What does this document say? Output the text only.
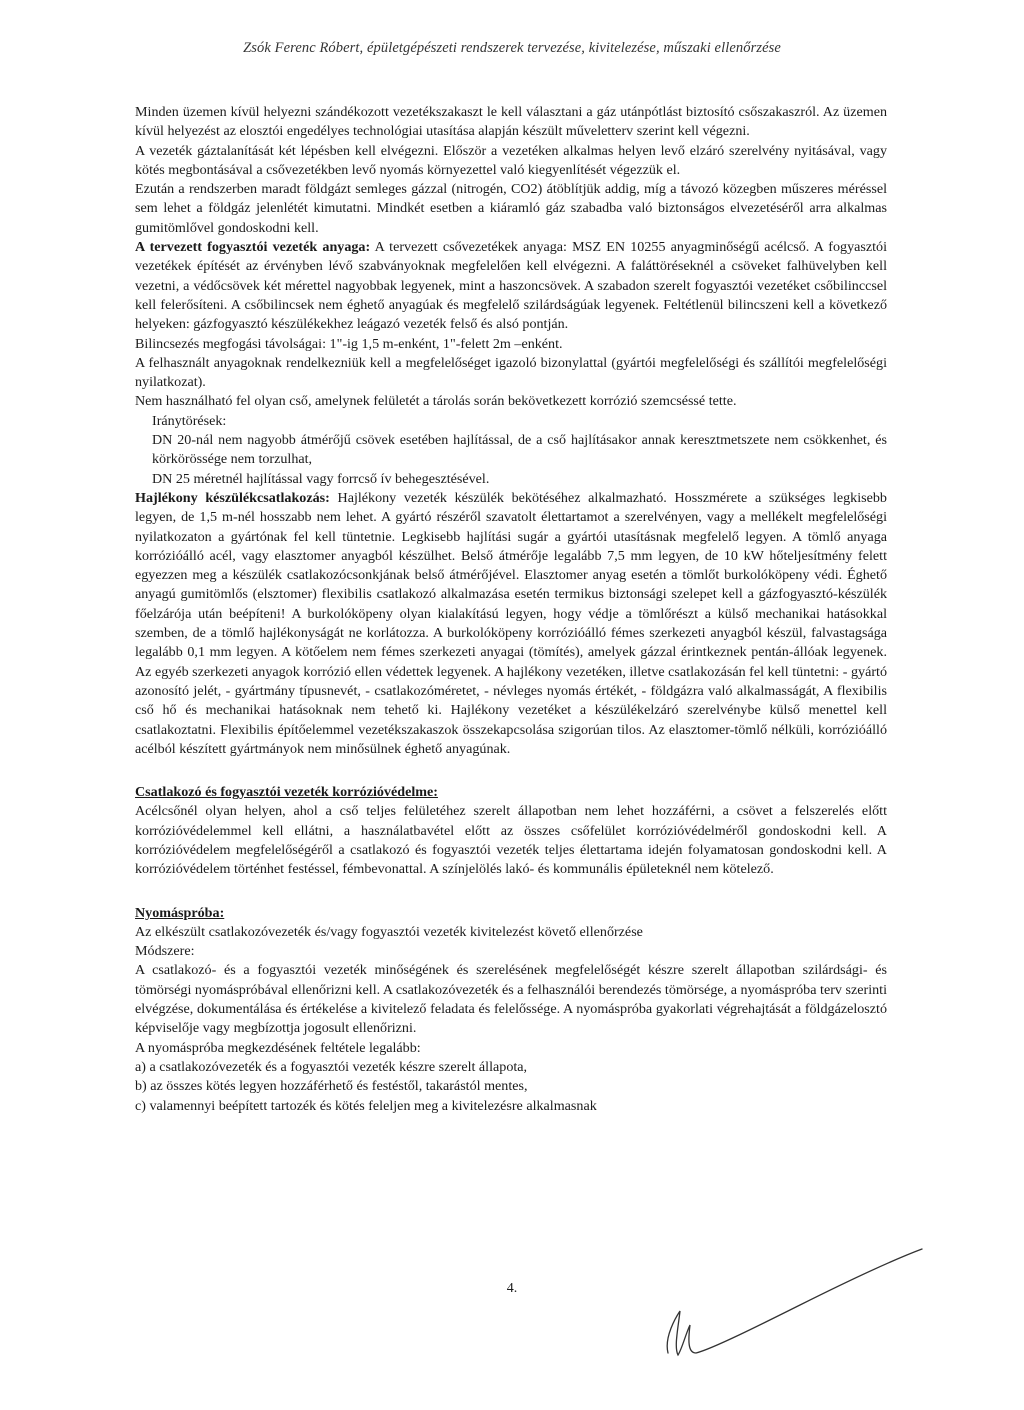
Zsók Ferenc Róbert, épületgépészeti rendszerek tervezése, kivitelezése, műszaki ellenőrzése

Minden üzemen kívül helyezni szándékozott vezetékszakaszt le kell választani a gáz utánpótlást biztosító csőszakaszról. Az üzemen kívül helyezést az elosztói engedélyes technológiai utasítása alapján készült műveletterv szerint kell végezni.

A vezeték gáztalanítását két lépésben kell elvégezni. Először a vezetéken alkalmas helyen levő elzáró szerelvény nyitásával, vagy kötés megbontásával a csővezetékben levő nyomás környezettel való kiegyenlítését végezzük el.

Ezután a rendszerben maradt földgázt semleges gázzal (nitrogén, CO2) átöblítjük addig, míg a távozó közegben műszeres méréssel sem lehet a földgáz jelenlétét kimutatni. Mindkét esetben a kiáramló gáz szabadba való biztonságos elvezetéséről arra alkalmas gumitömlővel gondoskodni kell.

A tervezett fogyasztói vezeték anyaga: A tervezett csővezetékek anyaga: MSZ EN 10255 anyagminőségű acélcső. A fogyasztói vezetékek építését az érvényben lévő szabványoknak megfelelően kell elvégezni. A faláttöréseknél a csöveket falhüvelyben kell vezetni, a védőcsövek két mérettel nagyobbak legyenek, mint a haszoncsövek. A szabadon szerelt fogyasztói vezetéket csőbilinccsel kell felerősíteni. A csőbilincsek nem éghető anyagúak és megfelelő szilárdságúak legyenek. Feltétlenül bilincszeni kell a következő helyeken: gázfogyasztó készülékekhez leágazó vezeték felső és alsó pontján.

Bilincsezés megfogási távolságai: 1"-ig 1,5 m-enként, 1"-felett 2m –enként.

A felhasznált anyagoknak rendelkezniük kell a megfelelőséget igazoló bizonylattal (gyártói megfelelőségi és szállítói megfelelőségi nyilatkozat).

Nem használható fel olyan cső, amelynek felületét a tárolás során bekövetkezett korrózió szemcséssé tette.

Iránytörések:

DN 20-nál nem nagyobb átmérőjű csövek esetében hajlítással, de a cső hajlításakor annak keresztmetszete nem csökkenhet, és körkörössége nem torzulhat,

DN 25 méretnél hajlítással vagy forrcső ív behegesztésével.

Hajlékony készülékcsatlakozás: Hajlékony vezeték készülék bekötéséhez alkalmazható. Hosszmérete a szükséges legkisebb legyen, de 1,5 m-nél hosszabb nem lehet. A gyártó részéről szavatolt élettartamot a szerelvényen, vagy a mellékelt megfelelőségi nyilatkozaton a gyártónak fel kell tüntetnie. Legkisebb hajlítási sugár a gyártói utasításnak megfelelő legyen. A tömlő anyaga korrózióálló acél, vagy elasztomer anyagból készülhet. Belső átmérője legalább 7,5 mm legyen, de 10 kW hőteljesítmény felett egyezzen meg a készülék csatlakozócsonkjának belső átmérőjével. Elasztomer anyag esetén a tömlőt burkolóköpeny védi. Éghető anyagú gumitömlős (elsztomer) flexibilis csatlakozó alkalmazása esetén termikus biztonsági szelepet kell a gázfogyasztó-készülék főelzárója után beépíteni! A burkolóköpeny olyan kialakítású legyen, hogy védje a tömlőrészt a külső mechanikai hatásokkal szemben, de a tömlő hajlékonyságát ne korlátozza. A burkolóköpeny korrózióálló fémes szerkezeti anyagból készül, falvastagsága legalább 0,1 mm legyen. A kötőelem nem fémes szerkezeti anyagai (tömítés), amelyek gázzal érintkeznek pentán-állóak legyenek. Az egyéb szerkezeti anyagok korrózió ellen védettek legyenek. A hajlékony vezetéken, illetve csatlakozásán fel kell tüntetni: - gyártó azonosító jelét, - gyártmány típusnevét, - csatlakozóméretet, - névleges nyomás értékét, - földgázra való alkalmasságát, A flexibilis cső hő és mechanikai hatásoknak nem tehető ki. Hajlékony vezetéket a készülékelzáró szerelvénybe külső menettel kell csatlakoztatni. Flexibilis építőelemmel vezetékszakaszok összekapcsolása szigorúan tilos. Az elasztomer-tömlő nélküli, korrózióálló acélból készített gyártmányok nem minősülnek éghető anyagúnak.

Csatlakozó és fogyasztói vezeték korrózióvédelme:

Acélcsőnél olyan helyen, ahol a cső teljes felületéhez szerelt állapotban nem lehet hozzáférni, a csövet a felszerelés előtt korrózióvédelemmel kell ellátni, a használatbavétel előtt az összes csőfelület korrózióvédelméről gondoskodni kell. A korrózióvédelem megfelelőségéről a csatlakozó és fogyasztói vezeték teljes élettartama idején folyamatosan gondoskodni kell. A korrózióvédelem történhet festéssel, fémbevonattal. A színjelölés lakó- és kommunális épületeknél nem kötelező.

Nyomáspróba:

Az elkészült csatlakozóvezeték és/vagy fogyasztói vezeték kivitelezést követő ellenőrzése

Módszere:

A csatlakozó- és a fogyasztói vezeték minőségének és szerelésének megfelelőségét készre szerelt állapotban szilárdsági- és tömörségi nyomáspróbával ellenőrizni kell. A csatlakozóvezeték és a felhasználói berendezés tömörsége, a nyomáspróba terv szerinti elvégzése, dokumentálása és értékelése a kivitelező feladata és felelőssége. A nyomáspróba gyakorlati végrehajtását a földgázelosztó képviselője vagy megbízottja jogosult ellenőrizni.

A nyomáspróba megkezdésének feltétele legalább:

a) a csatlakozóvezeték és a fogyasztói vezeték készre szerelt állapota,

b) az összes kötés legyen hozzáférhető és festéstől, takarástól mentes,

c) valamennyi beépített tartozék és kötés feleljen meg a kivitelezésre alkalmasnak

4.
